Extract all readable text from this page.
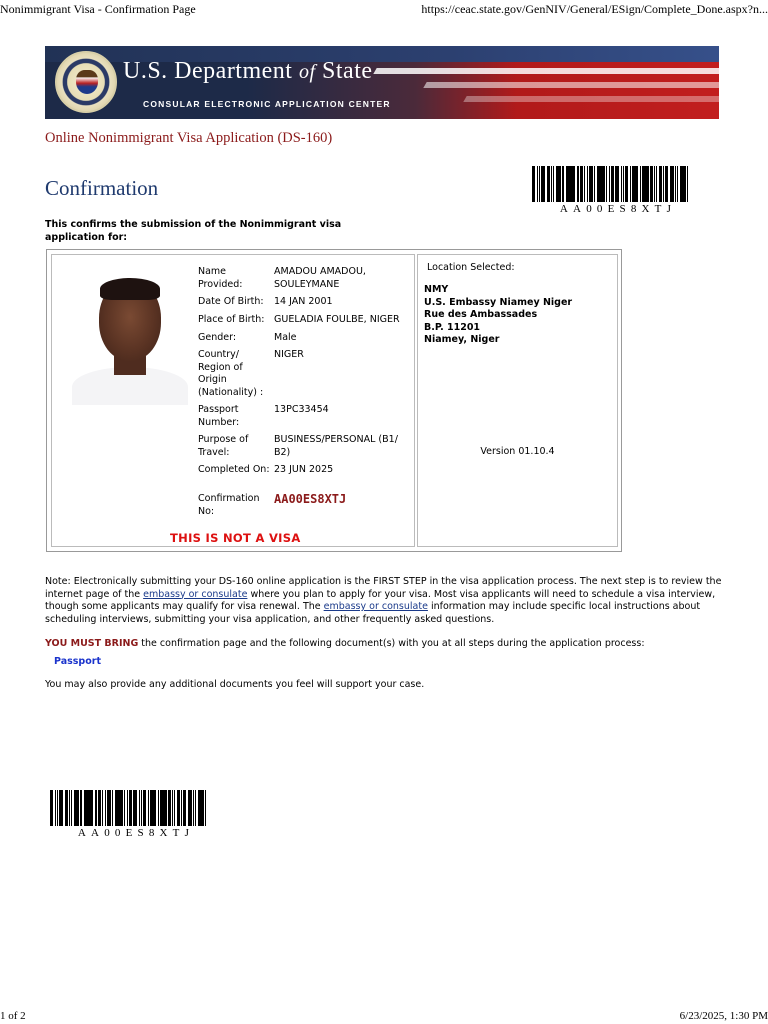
Nonimmigrant Visa - Confirmation Page	https://ceac.state.gov/GenNIV/General/ESign/Complete_Done.aspx?n...
U.S. Department of State
CONSULAR ELECTRONIC APPLICATION CENTER
Online Nonimmigrant Visa Application (DS-160)
Confirmation
AA00ES8XTJ
This confirms the submission of the Nonimmigrant visa application for:
Name Provided:
AMADOU AMADOU, SOULEYMANE
Date Of Birth:	14 JAN 2001
Place of Birth:	GUELADIA FOULBE, NIGER
Gender:	Male
Country/ Region of Origin (Nationality) :
NIGER
Passport Number:
13PC33454
Purpose of Travel:
BUSINESS/PERSONAL (B1/ B2)
Completed On: 23 JUN 2025
Confirmation No:
AA00ES8XTJ
THIS IS NOT A VISA
Location Selected:
NMY
U.S. Embassy Niamey Niger
Rue des Ambassades
B.P. 11201
Niamey, Niger
Version 01.10.4
Note: Electronically submitting your DS-160 online application is the FIRST STEP in the visa application process. The next step is to review the internet page of the embassy or consulate where you plan to apply for your visa. Most visa applicants will need to schedule a visa interview, though some applicants may qualify for visa renewal. The embassy or consulate information may include specific local instructions about scheduling interviews, submitting your visa application, and other frequently asked questions.
YOU MUST BRING the confirmation page and the following document(s) with you at all steps during the application process:
Passport
You may also provide any additional documents you feel will support your case.
AA00ES8XTJ
1 of 2	6/23/2025, 1:30 PM
